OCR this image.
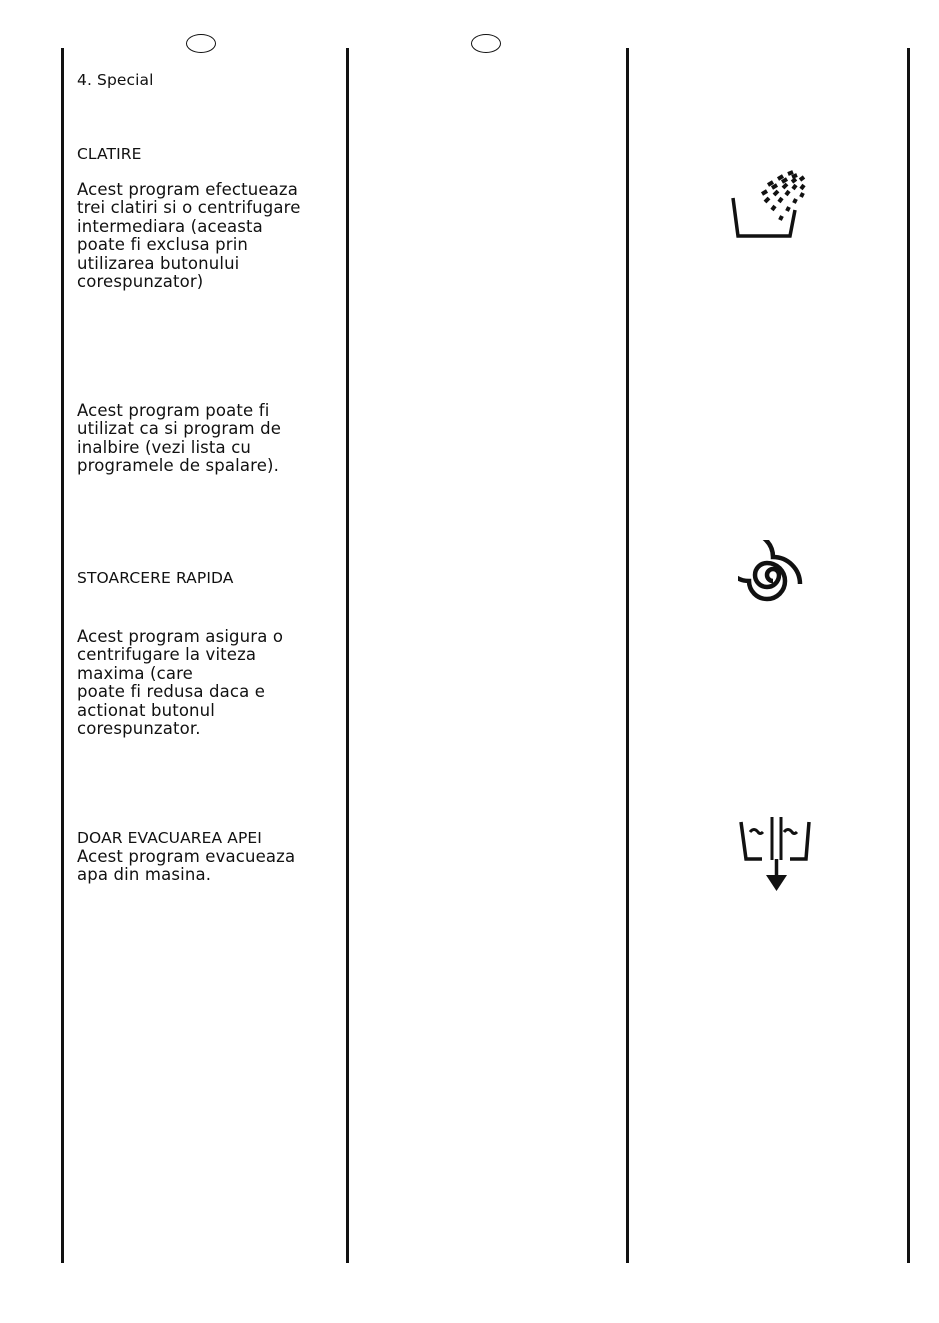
4. Special
CLATIRE

Acest program efectueaza
trei clatiri si o centrifugare
intermediara (aceasta
poate fi exclusa prin
utilizarea butonului
corespunzator)

Acest program poate fi
utilizat ca si program de
inalbire (vezi lista cu
programele de spalare).

STOARCERE RAPIDA

Acest program asigura o
centrifugare la viteza
maxima (care
poate fi redusa daca e
actionat butonul
corespunzator.

DOAR EVACUAREA APEI

Acest program evacueaza
apa din masina.
